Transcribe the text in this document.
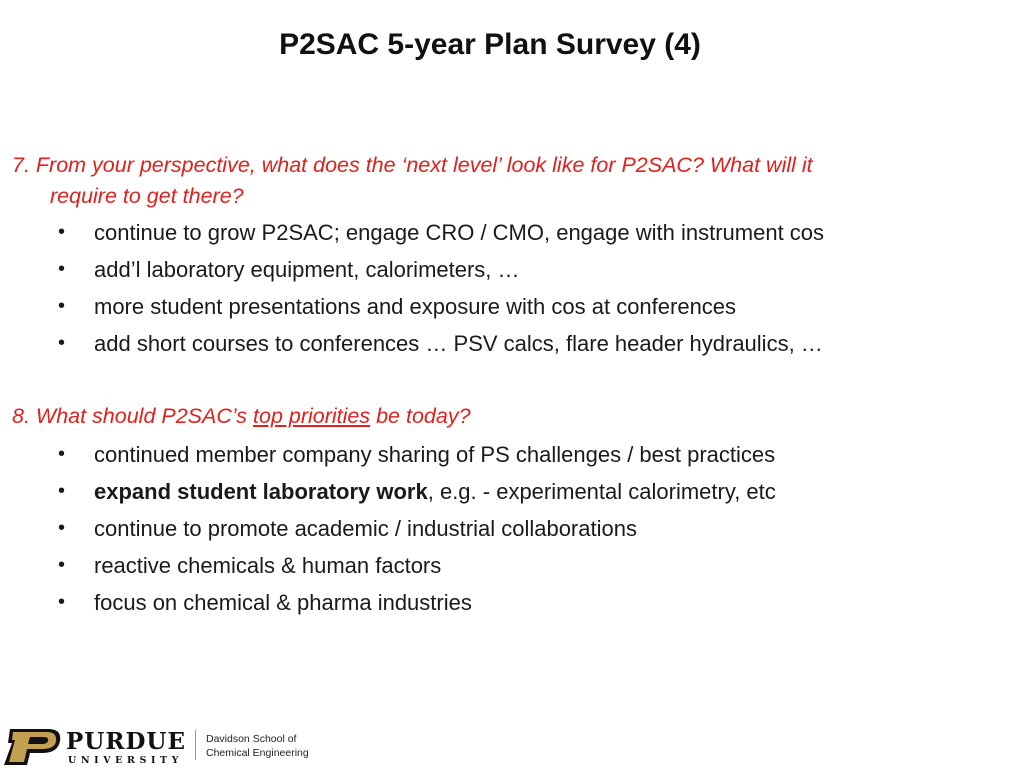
P2SAC 5-year Plan Survey (4)
7. From your perspective, what does the ‘next level’ look like for P2SAC? What will it
require to get there?
• continue to grow P2SAC; engage CRO / CMO, engage with instrument cos
• add’l laboratory equipment, calorimeters, …
• more student presentations and exposure with cos at conferences
• add short courses to conferences … PSV calcs, flare header hydraulics, …
8. What should P2SAC’s top priorities be today?
• continued member company sharing of PS challenges / best practices
• expand student laboratory work, e.g. - experimental calorimetry, etc
• continue to promote academic / industrial collaborations
• reactive chemicals & human factors
• focus on chemical & pharma industries
PURDUE
UNIVERSITY
Davidson School of
Chemical Engineering
